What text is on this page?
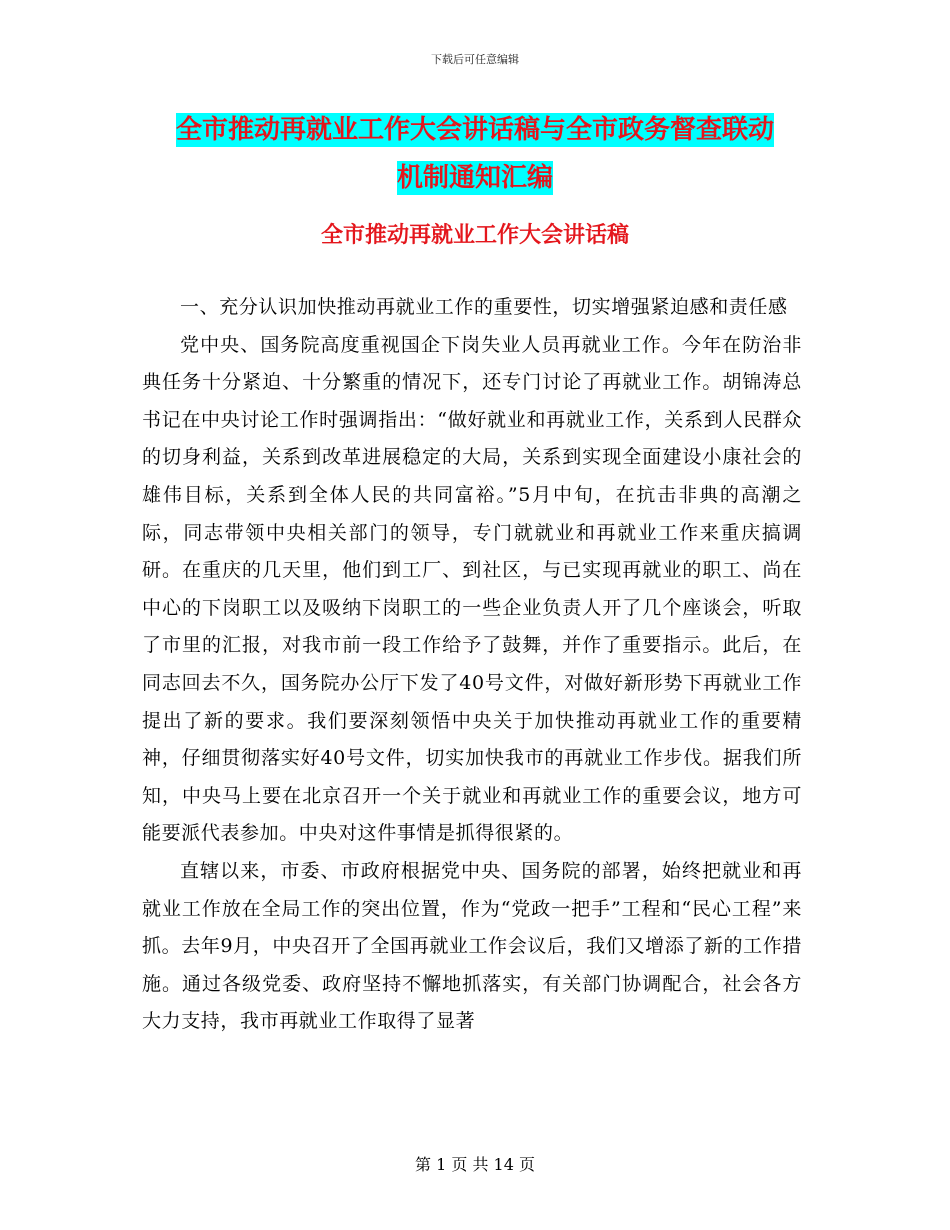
下载后可任意编辑
全市推动再就业工作大会讲话稿与全市政务督查联动
机制通知汇编
全市推动再就业工作大会讲话稿

一、充分认识加快推动再就业工作的重要性，切实增强紧迫感和责任感

党中央、国务院高度重视国企下岗失业人员再就业工作。今年在防治非典任务十分紧迫、十分繁重的情况下，还专门讨论了再就业工作。胡锦涛总书记在中央讨论工作时强调指出：“做好就业和再就业工作，关系到人民群众的切身利益，关系到改革进展稳定的大局，关系到实现全面建设小康社会的雄伟目标，关系到全体人民的共同富裕。”5月中旬，在抗击非典的高潮之际，同志带领中央相关部门的领导，专门就就业和再就业工作来重庆搞调研。在重庆的几天里，他们到工厂、到社区，与已实现再就业的职工、尚在中心的下岗职工以及吸纳下岗职工的一些企业负责人开了几个座谈会，听取了市里的汇报，对我市前一段工作给予了鼓舞，并作了重要指示。此后，在同志回去不久，国务院办公厅下发了40号文件，对做好新形势下再就业工作提出了新的要求。我们要深刻领悟中央关于加快推动再就业工作的重要精神，仔细贯彻落实好40号文件，切实加快我市的再就业工作步伐。据我们所知，中央马上要在北京召开一个关于就业和再就业工作的重要会议，地方可能要派代表参加。中央对这件事情是抓得很紧的。

直辖以来，市委、市政府根据党中央、国务院的部署，始终把就业和再就业工作放在全局工作的突出位置，作为“党政一把手”工程和“民心工程”来抓。去年9月，中央召开了全国再就业工作会议后，我们又增添了新的工作措施。通过各级党委、政府坚持不懈地抓落实，有关部门协调配合，社会各方大力支持，我市再就业工作取得了显著

第 1 页 共 14 页
